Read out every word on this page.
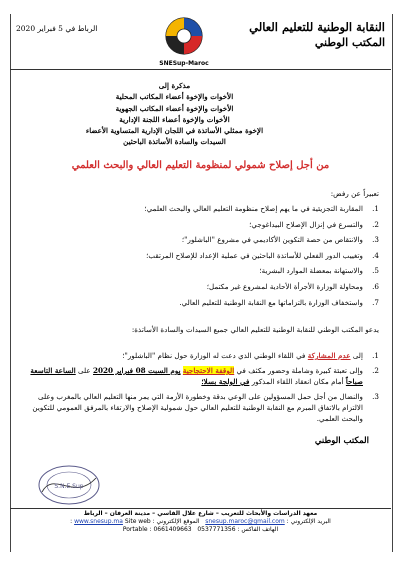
النقابة الوطنية للتعليم العالي
المكتب الوطني
الرباط في 5 فبراير 2020
SNESup-Maroc
مذكرة إلى
الأخوات والإخوة أعضاء المكاتب المحلية
الأخوات والإخوة أعضاء المكاتب الجهوية
الأخوات والإخوة أعضاء اللجنة الإدارية
الإخوة ممثلي الأساتذة في اللجان الإدارية المتساوية الأعضاء
السيدات والسادة الأساتذة الباحثين
من أجل إصلاح شمولي لمنظومة التعليم العالي والبحث العلمي
تعبيراً عن رفض:
1.
المقاربة التجزيئية في ما يهم إصلاح منظومة التعليم العالي والبحث العلمي؛
2.
والتسرع في إنزال الإصلاح البيداغوجي؛
3.
والانتقاص من حصة التكوين الأكاديمي في مشروع "الباشلور"؛
4.
وتغييب الدور الفعلي للأساتذة الباحثين في عملية الإعداد للإصلاح المرتقب؛
5.
والاستهانة بمعضلة الموارد البشرية؛
6.
ومحاولة الوزارة الأجرأة الأحادية لمشروع غير مكتمل؛
7.
واستخفاف الوزارة بالتزاماتها مع النقابة الوطنية للتعليم العالي.
يدعو المكتب الوطني للنقابة الوطنية للتعليم العالي جميع السيدات والسادة الأساتذة:
1.
إلى عدم المشاركة في اللقاء الوطني الذي دعت له الوزارة حول نظام "الباشلور"؛
2.
وإلى تعبئة كبيرة وشاملة وحضور مكثف في الوقفة الاحتجاجية يوم السبت 08 فبراير 2020 على الساعة التاسعة صباحاً أمام مكان انعقاد اللقاء المذكور في الولجة بسلا؛
3.
والنضال من أجل حمل المسؤولين على الوعي بدقة وخطورة الأزمة التي يمر منها التعليم العالي بالمغرب وعلى الالتزام بالاتفاق المبرم مع النقابة الوطنية للتعليم العالي حول شمولية الإصلاح والارتقاء بالمرفق العمومي للتكوين والبحث العلمي.
المكتب الوطني
S.N.E.Sup
معهد الدراسات والأبحاث للتعريب – شارع علال الفاسي – مدينة العرفان – الرباط
البريد الإلكتروني : snesup.maroc@gmail.com   الموقع الإلكتروني : www.snesup.ma Site web :
الهاتف الفاكس : 0537771356   Portable : 0661409663
